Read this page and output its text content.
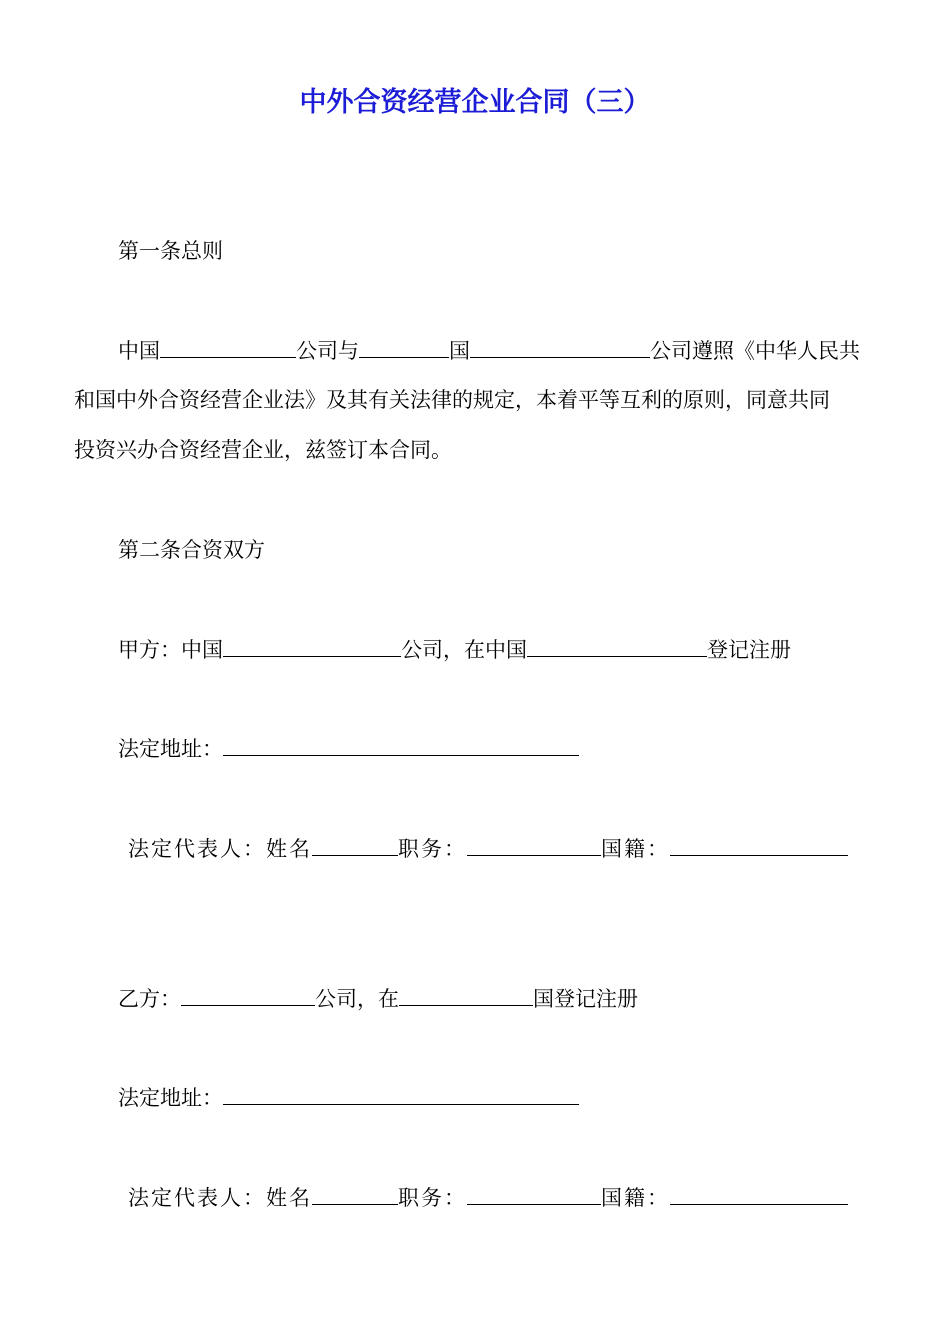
中外合资经营企业合同（三）
第一条总则
中国	公司与	国	公司遵照《中华人民共
和国中外合资经营企业法》及其有关法律的规定，本着平等互利的原则，同意共同
投资兴办合资经营企业，兹签订本合同。
第二条合资双方
甲方：中国	公司，在中国	登记注册
法定地址：
法定代表人：姓名	职务：	国籍：
乙方：	公司，在	国登记注册
法定地址：
法定代表人：姓名	职务：	国籍：
